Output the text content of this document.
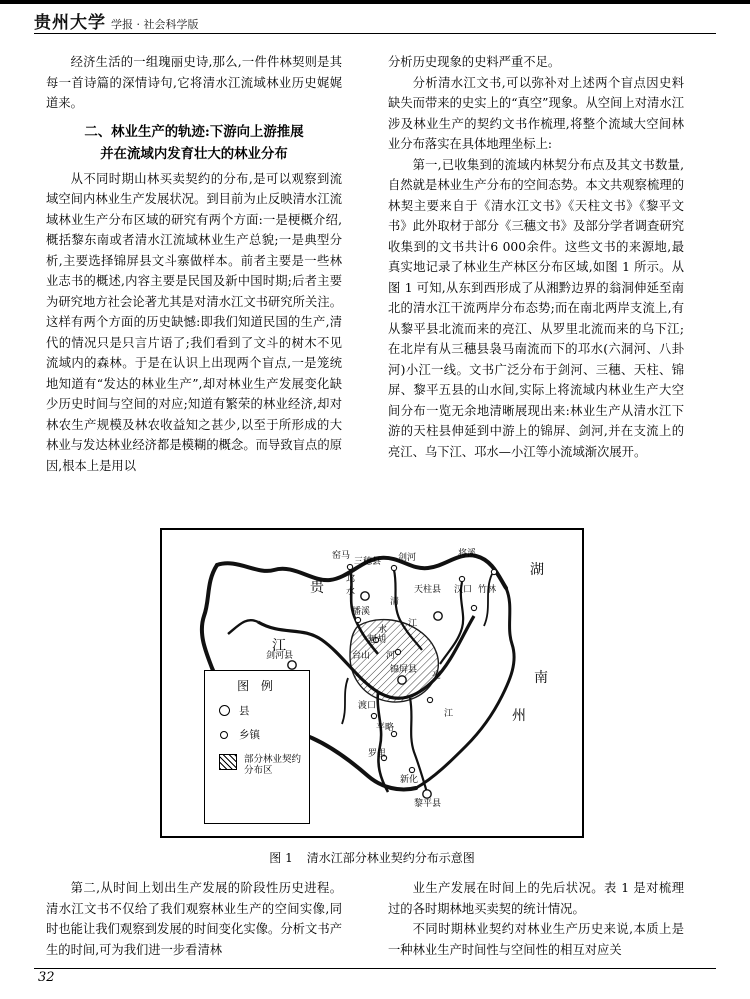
贵州大学 学报 · 社会科学版

经济生活的一组瑰丽史诗,那么,一件件林契则是其每一首诗篇的深情诗句,它将清水江流域林业历史娓娓道来。

二、林业生产的轨迹:下游向上游推展
并在流域内发育壮大的林业分布

从不同时期山林买卖契约的分布,是可以观察到流域空间内林业生产发展状况。到目前为止反映清水江流域林业生产分布区域的研究有两个方面:一是梗概介绍,概括黎东南或者清水江流域林业生产总貌;一是典型分析,主要选择锦屏县文斗寨做样本。前者主要是一些林业志书的概述,内容主要是民国及新中国时期;后者主要为研究地方社会论著尤其是对清水江文书研究所关注。这样有两个方面的历史缺憾:即我们知道民国的生产,清代的情况只是只言片语了;我们看到了文斗的树木不见流域内的森林。于是在认识上出现两个盲点,一是笼统地知道有“发达的林业生产”,却对林业生产发展变化缺少历史时间与空间的对应;知道有繁荣的林业经济,却对林农生产规模及林农收益知之甚少,以至于所形成的大林业与发达林业经济都是模糊的概念。而导致盲点的原因,根本上是用以

分析历史现象的史料严重不足。

分析清水江文书,可以弥补对上述两个盲点因史料缺失而带来的史实上的“真空”现象。从空间上对清水江涉及林业生产的契约文书作梳理,将整个流域大空间林业分布落实在具体地理坐标上:

第一,已收集到的流域内林契分布点及其文书数量,自然就是林业生产分布的空间态势。本文共观察梳理的林契主要来自于《清水江文书》《天柱文书》《黎平文书》此外取材于部分《三穗文书》及部分学者调查研究收集到的文书共计6 000余件。这些文书的来源地,最真实地记录了林业生产林区分布区域,如图 1 所示。从图 1 可知,从东到西形成了从湘黔边界的翁洞伸延至南北的清水江干流两岸分布态势;而在南北两岸支流上,有从黎平县北流而来的亮江、从罗里北流而来的乌下江;在北岸有从三穗县袅马南流而下的邛水(六洞河、八卦河)小江一线。文书广泛分布于剑河、三穗、天柱、锦屏、黎平五县的山水间,实际上将流域内林业生产大空间分布一览无余地清晰展现出来:林业生产从清水江下游的天柱县伸延到中游上的锦屏、剑河,并在支流上的亮江、乌下江、邛水—小江等小流域渐次展开。

贵
江
湖
南
州
清
水
河
江
窑马
三穗县 剑河	将溪
邛
水	天柱县 汉口 竹林
播溪
魁胡
台山
锦屏县
剑河县
亮
渡口
平略
江
罗里
新化
黎平县
图 例
县
乡镇
部分林业契约
分布区
图 1 清水江部分林业契约分布示意图

第二,从时间上划出生产发展的阶段性历史进程。清水江文书不仅给了我们观察林业生产的空间实像,同时也能让我们观察到发展的时间变化实像。分析文书产生的时间,可为我们进一步看清林

业生产发展在时间上的先后状况。表 1 是对梳理过的各时期林地买卖契的统计情况。

不同时期林业契约对林业生产历史来说,本质上是一种林业生产时间性与空间性的相互对应关

32
